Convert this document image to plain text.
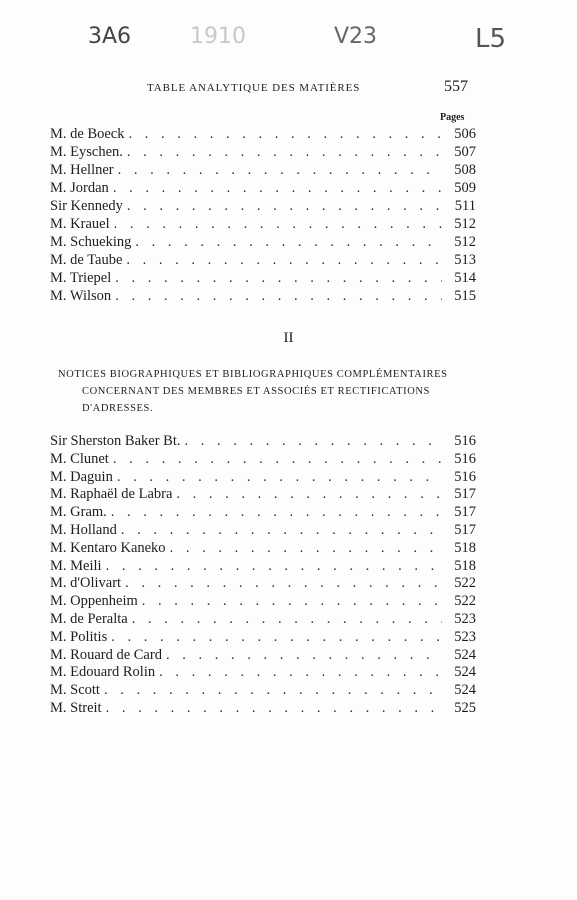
3A6	1910	V23	L5
TABLE ANALYTIQUE DES MATIÈRES	557
Pages
M. de Boeck . . .	506
M. Eyschen. . . .	507
M. Hellner . . .	508
M. Jordan . . .	509
Sir Kennedy . . .	511
M. Krauel . . .	512
M. Schueking . . .	512
M. de Taube . . .	513
M. Triepel . . .	514
M. Wilson . . .	515
II
NOTICES BIOGRAPHIQUES ET BIBLIOGRAPHIQUES COMPLÉMENTAIRES
CONCERNANT DES MEMBRES ET ASSOCIÉS ET RECTIFICATIONS
D'ADRESSES.
Sir Sherston Baker Bt. . . .	516
M. Clunet . . .	516
M. Daguin . . .	516
M. Raphaël de Labra . . .	517
M. Gram. . . .	517
M. Holland . . .	517
M. Kentaro Kaneko . . .	518
M. Meili . . .	518
M. d'Olivart . . .	522
M. Oppenheim . . .	522
M. de Peralta . . .	523
M. Politis . . .	523
M. Rouard de Card . . .	524
M. Edouard Rolin . . .	524
M. Scott . . .	524
M. Streit . . .	525
